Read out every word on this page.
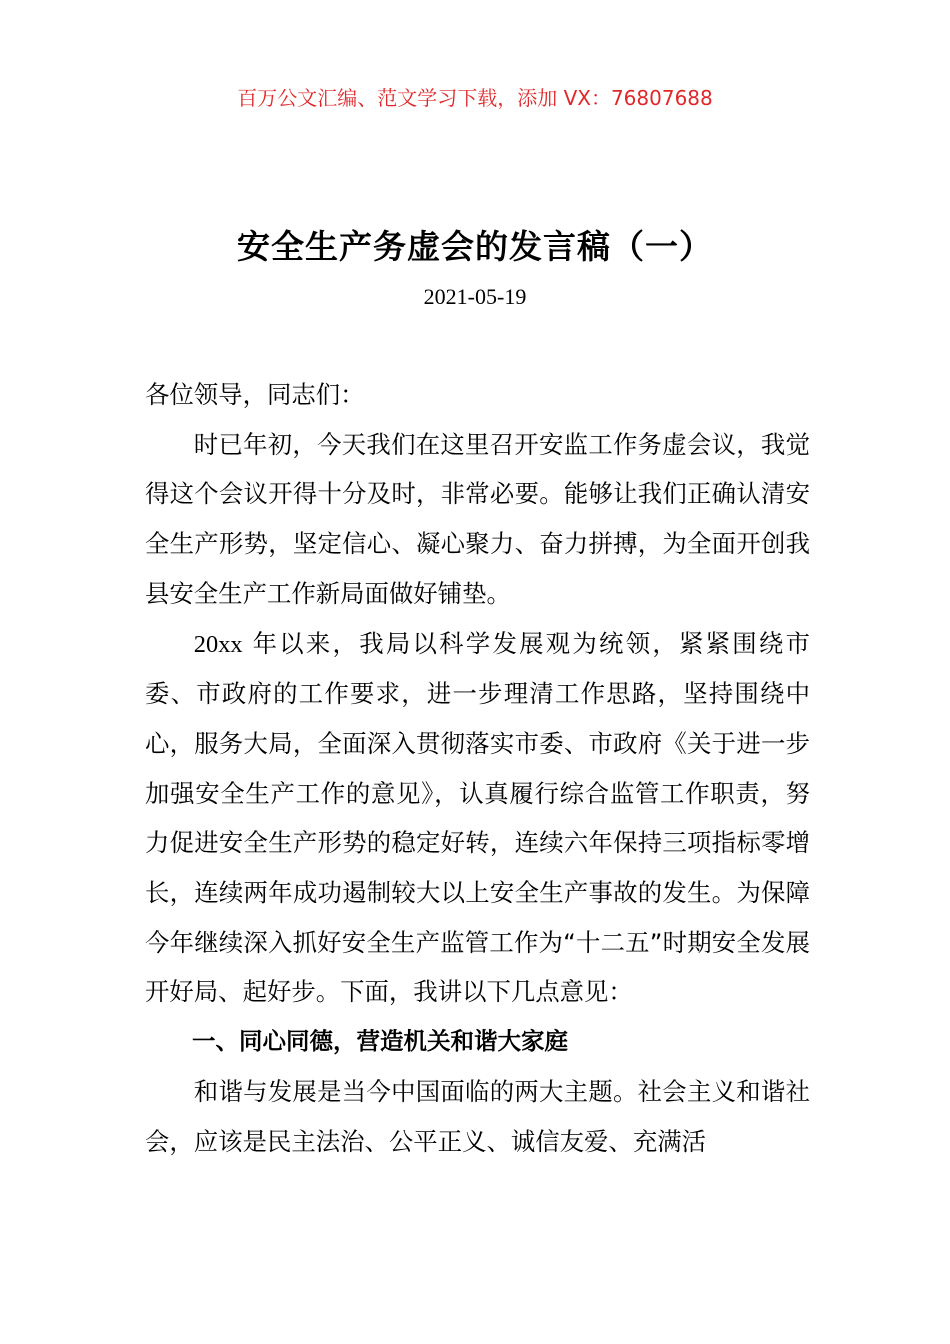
百万公文汇编、范文学习下载，添加 VX：76807688
安全生产务虚会的发言稿（一）
2021-05-19

各位领导，同志们：

时已年初，今天我们在这里召开安监工作务虚会议，我觉得这个会议开得十分及时，非常必要。能够让我们正确认清安全生产形势，坚定信心、凝心聚力、奋力拼搏，为全面开创我县安全生产工作新局面做好铺垫。

20xx 年以来，我局以科学发展观为统领，紧紧围绕市委、市政府的工作要求，进一步理清工作思路，坚持围绕中心，服务大局，全面深入贯彻落实市委、市政府《关于进一步加强安全生产工作的意见》，认真履行综合监管工作职责，努力促进安全生产形势的稳定好转，连续六年保持三项指标零增长，连续两年成功遏制较大以上安全生产事故的发生。为保障今年继续深入抓好安全生产监管工作为“十二五”时期安全发展开好局、起好步。下面，我讲以下几点意见：

一、同心同德，营造机关和谐大家庭

和谐与发展是当今中国面临的两大主题。社会主义和谐社会，应该是民主法治、公平正义、诚信友爱、充满活
